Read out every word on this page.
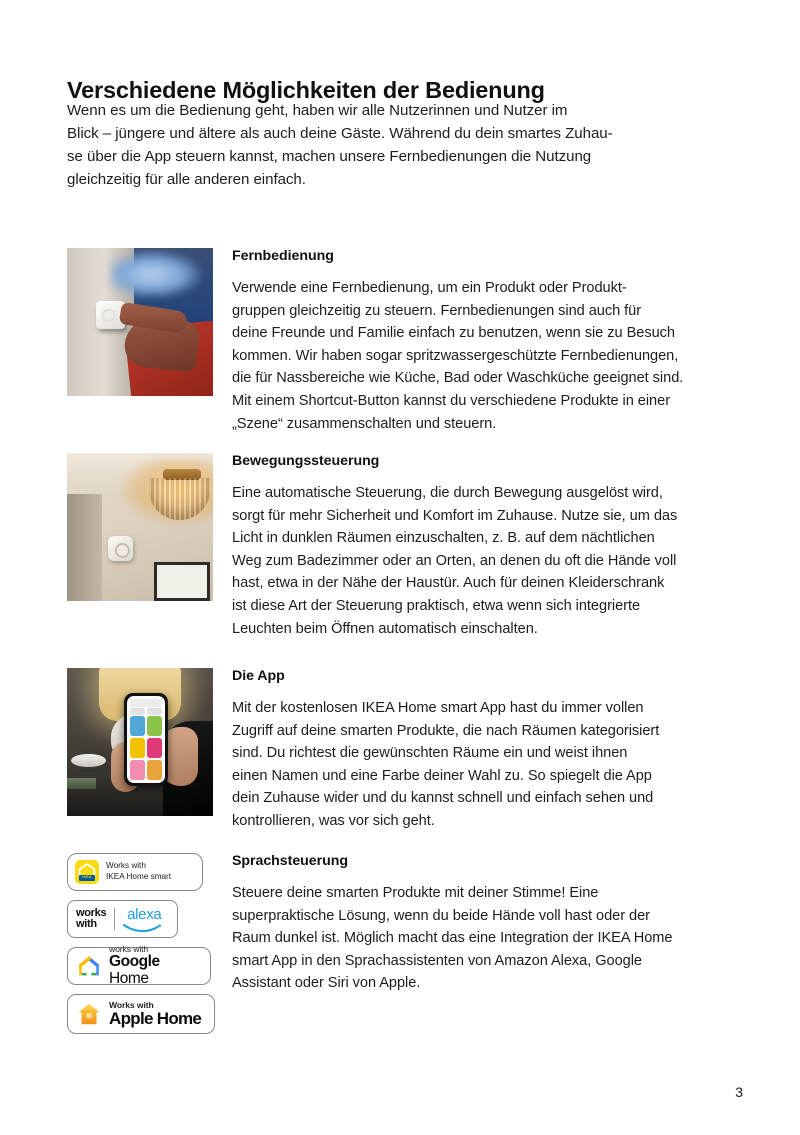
Verschiedene Möglichkeiten der Bedienung
Wenn es um die Bedienung geht, haben wir alle Nutzerinnen und Nutzer im
Blick – jüngere und ältere als auch deine Gäste. Während du dein smartes Zuhau-
se über die App steuern kannst, machen unsere Fernbedienungen die Nutzung
gleichzeitig für alle anderen einfach.
Fernbedienung
Verwende eine Fernbedienung, um ein Produkt oder Produkt-
gruppen gleichzeitig zu steuern. Fernbedienungen sind auch für
deine Freunde und Familie einfach zu benutzen, wenn sie zu Besuch
kommen. Wir haben sogar spritzwassergeschützte Fernbedienungen,
die für Nassbereiche wie Küche, Bad oder Waschküche geeignet sind.
Mit einem Shortcut-Button kannst du verschiedene Produkte in einer
„Szene“ zusammenschalten und steuern.
Bewegungssteuerung
Eine automatische Steuerung, die durch Bewegung ausgelöst wird,
sorgt für mehr Sicherheit und Komfort im Zuhause. Nutze sie, um das
Licht in dunklen Räumen einzuschalten, z. B. auf dem nächtlichen
Weg zum Badezimmer oder an Orten, an denen du oft die Hände voll
hast, etwa in der Nähe der Haustür. Auch für deinen Kleiderschrank
ist diese Art der Steuerung praktisch, etwa wenn sich integrierte
Leuchten beim Öffnen automatisch einschalten.
Die App
Mit der kostenlosen IKEA Home smart App hast du immer vollen
Zugriff auf deine smarten Produkte, die nach Räumen kategorisiert
sind. Du richtest die gewünschten Räume ein und weist ihnen
einen Namen und eine Farbe deiner Wahl zu. So spiegelt die App
dein Zuhause wider und du kannst schnell und einfach sehen und
kontrollieren, was vor sich geht.
IKEA
Works with
IKEA Home smart
works
with
alexa
works with
Google Home
Works with
Apple Home
Sprachsteuerung
Steuere deine smarten Produkte mit deiner Stimme! Eine
superpraktische Lösung, wenn du beide Hände voll hast oder der
Raum dunkel ist. Möglich macht das eine Integration der IKEA Home
smart App in den Sprachassistenten von Amazon Alexa, Google
Assistant oder Siri von Apple.
3
